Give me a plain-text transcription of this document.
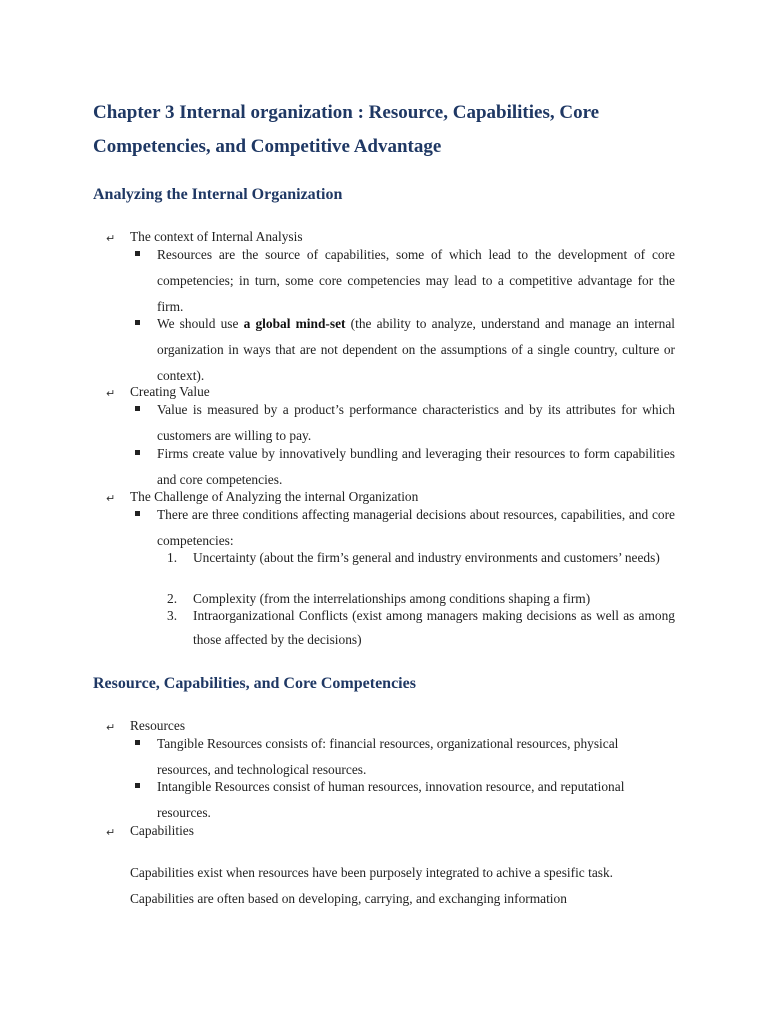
Chapter 3 Internal organization : Resource, Capabilities, Core Competencies, and Competitive Advantage
Analyzing the Internal Organization
↵ The context of Internal Analysis
Resources are the source of capabilities, some of which lead to the development of core competencies; in turn, some core competencies may lead to a competitive advantage for the firm.
We should use a global mind-set (the ability to analyze, understand and manage an internal organization in ways that are not dependent on the assumptions of a single country, culture or context).
↵ Creating Value
Value is measured by a product’s performance characteristics and by its attributes for which customers are willing to pay.
Firms create value by innovatively bundling and leveraging their resources to form capabilities and core competencies.
↵ The Challenge of Analyzing the internal Organization
There are three conditions affecting managerial decisions about resources, capabilities, and core competencies:
1. Uncertainty (about the firm’s general and industry environments and customers’ needs)
2. Complexity (from the interrelationships among conditions shaping a firm)
3. Intraorganizational Conflicts (exist among managers making decisions as well as among those affected by the decisions)
Resource, Capabilities, and Core Competencies
↵ Resources
Tangible Resources consists of: financial resources, organizational resources, physical resources, and technological resources.
Intangible Resources consist of human resources, innovation resource, and reputational resources.
↵ Capabilities
Capabilities exist when resources have been purposely integrated to achive a spesific task. Capabilities are often based on developing, carrying, and exchanging information
